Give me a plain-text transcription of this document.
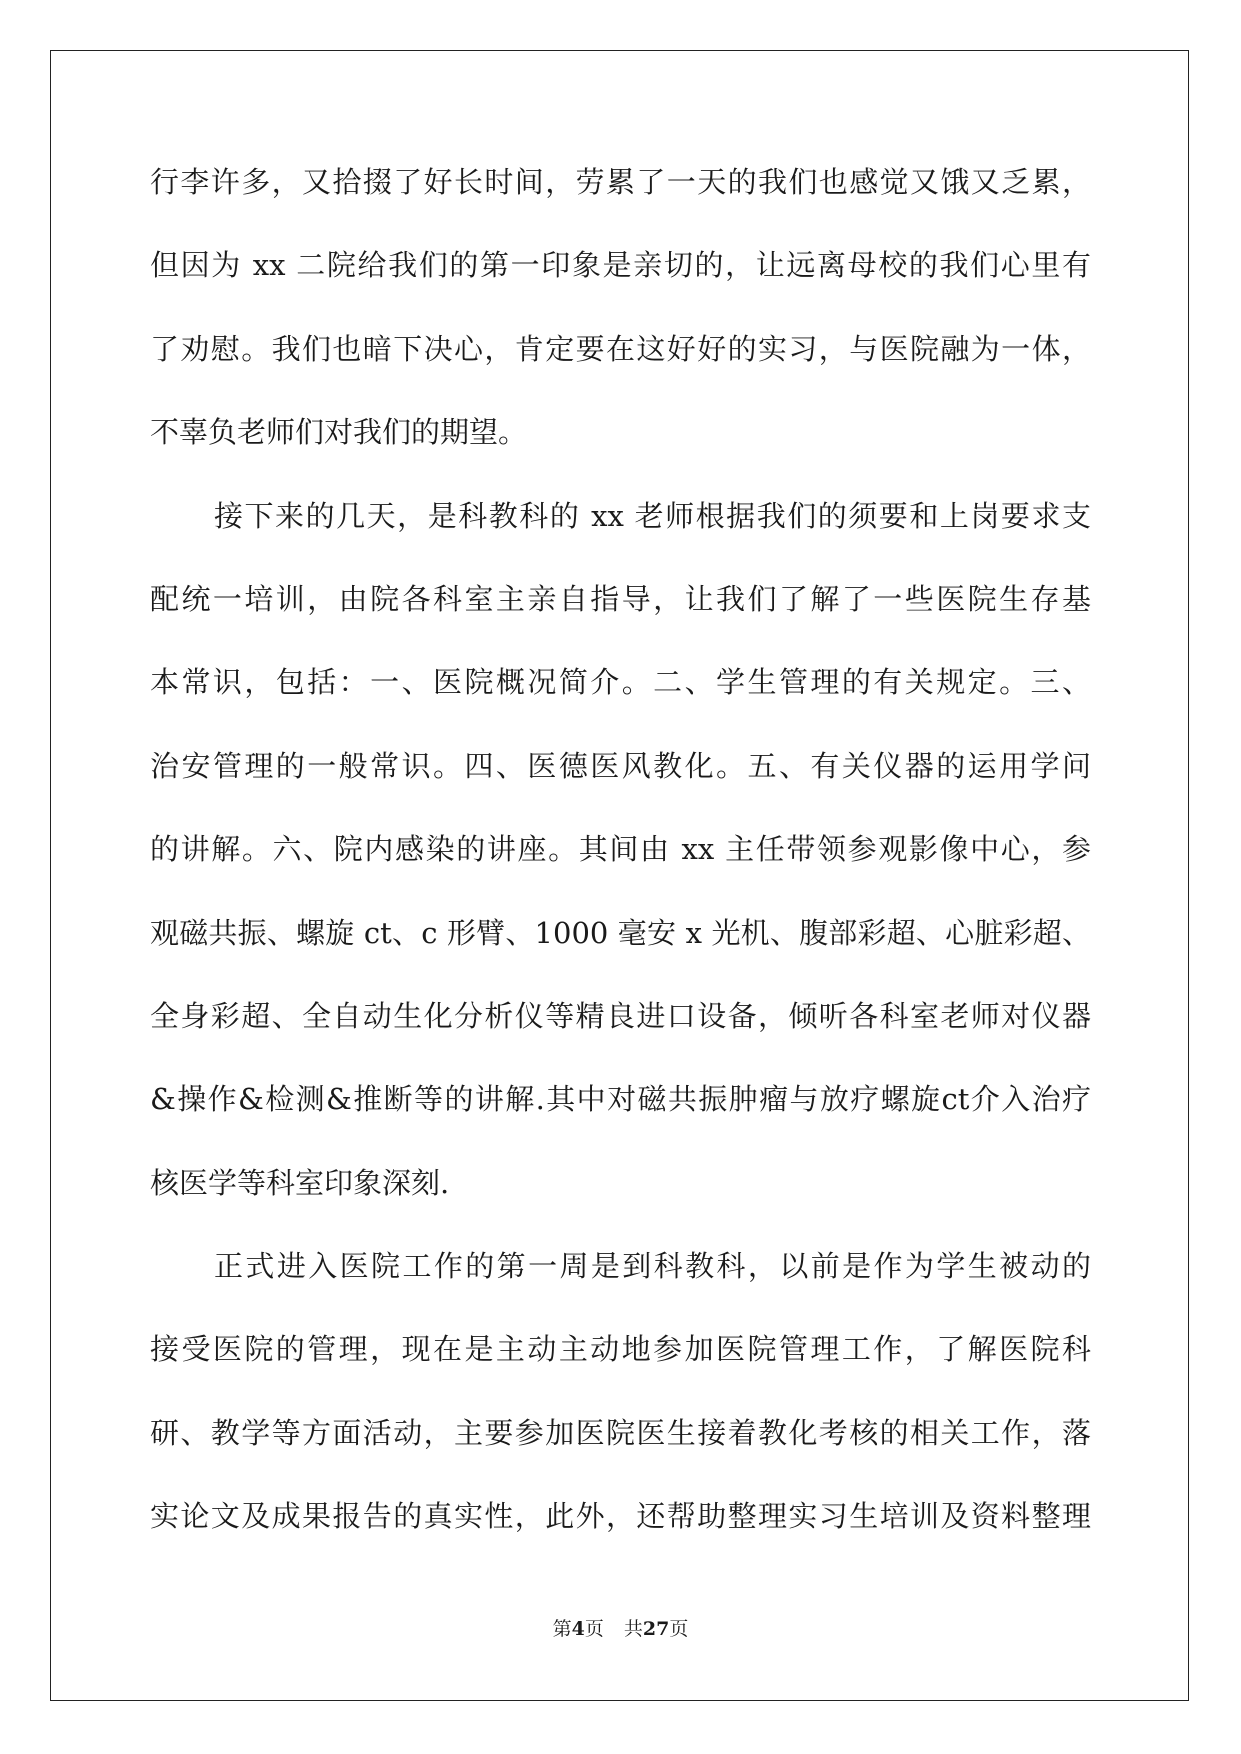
行李许多，又拾掇了好长时间，劳累了一天的我们也感觉又饿又乏累，
但因为 xx 二院给我们的第一印象是亲切的，让远离母校的我们心里有
了劝慰。我们也暗下决心，肯定要在这好好的实习，与医院融为一体，
不辜负老师们对我们的期望。
接下来的几天，是科教科的 xx 老师根据我们的须要和上岗要求支
配统一培训，由院各科室主亲自指导，让我们了解了一些医院生存基
本常识，包括：一、医院概况简介。二、学生管理的有关规定。三、
治安管理的一般常识。四、医德医风教化。五、有关仪器的运用学问
的讲解。六、院内感染的讲座。其间由 xx 主任带领参观影像中心，参
观磁共振、螺旋 ct、c 形臂、1000 毫安 x 光机、腹部彩超、心脏彩超、
全身彩超、全自动生化分析仪等精良进口设备，倾听各科室老师对仪器
&操作&检测&推断等的讲解.其中对磁共振肿瘤与放疗螺旋ct介入治疗
核医学等科室印象深刻.
正式进入医院工作的第一周是到科教科，以前是作为学生被动的
接受医院的管理，现在是主动主动地参加医院管理工作，了解医院科
研、教学等方面活动，主要参加医院医生接着教化考核的相关工作，落
实论文及成果报告的真实性，此外，还帮助整理实习生培训及资料整理
第4页 共27页
